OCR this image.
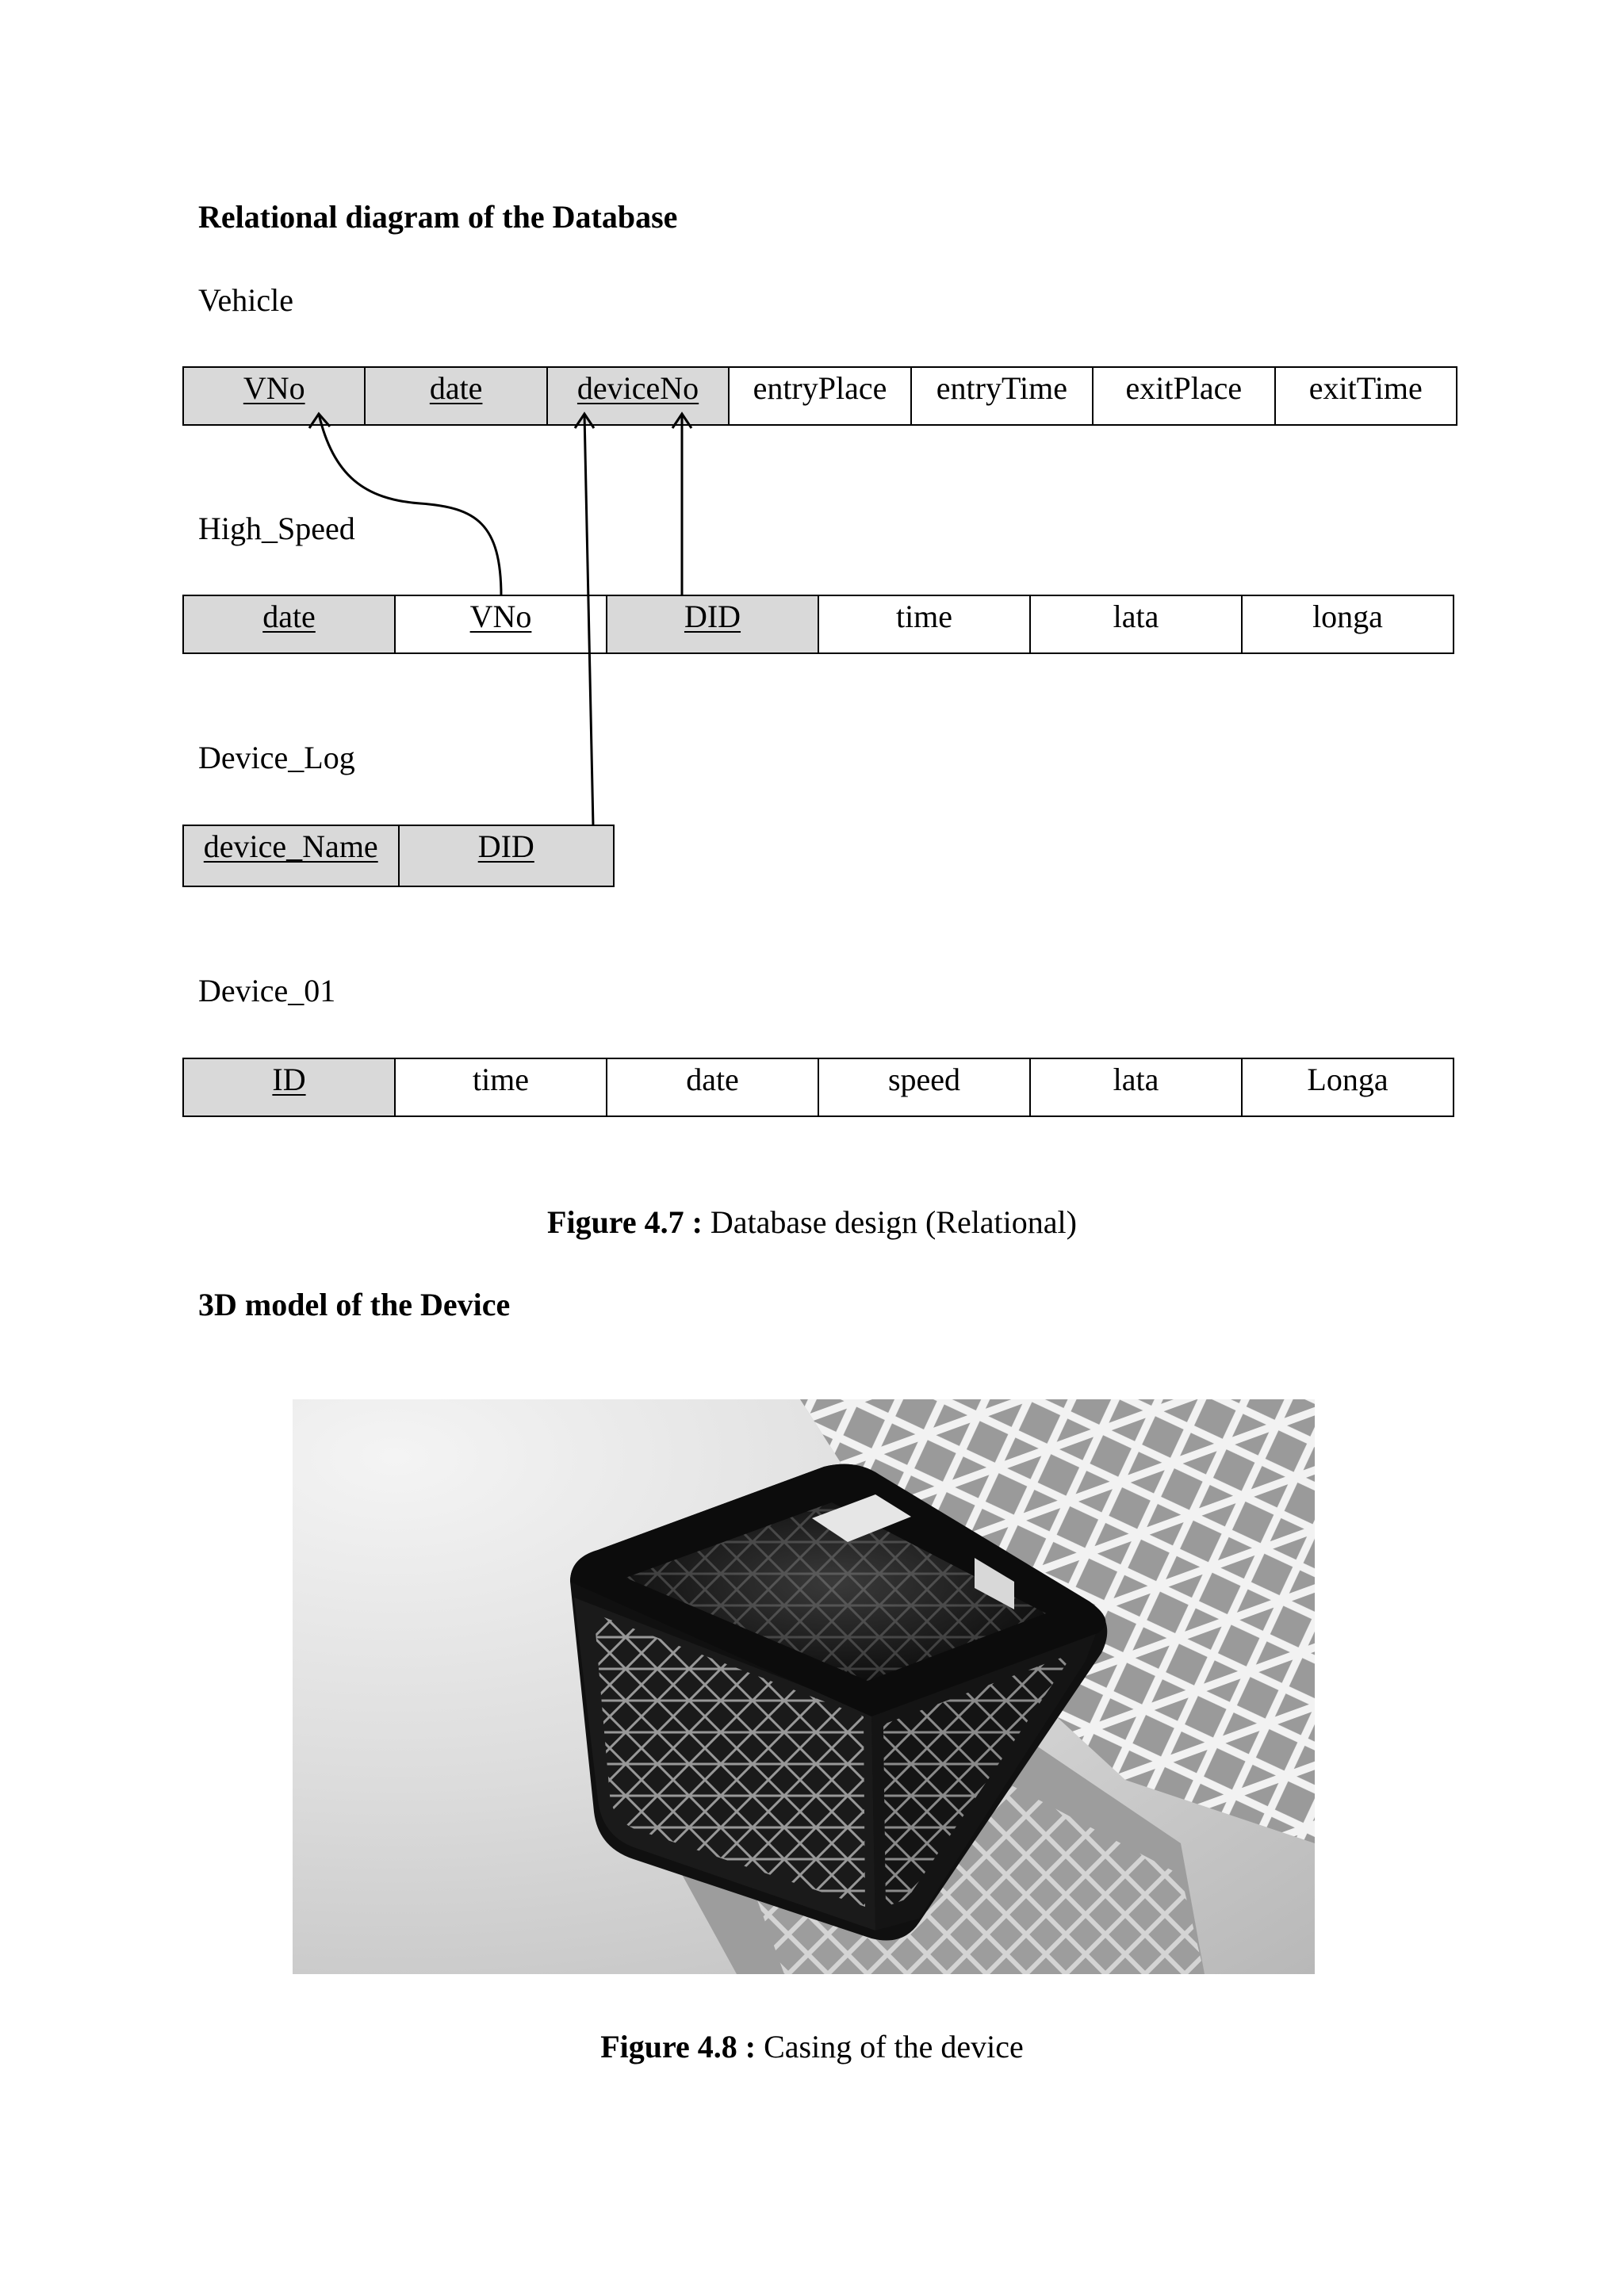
Relational diagram of the Database
Vehicle
VNo	date	deviceNo	entryPlace	entryTime	exitPlace	exitTime
High_Speed
date	VNo	DID	time	lata	longa
Device_Log
device_Name	DID
Device_01
ID	time	date	speed	lata	Longa
Figure 4.7 : Database design (Relational)
3D model of the Device
Figure 4.8 : Casing of the device
